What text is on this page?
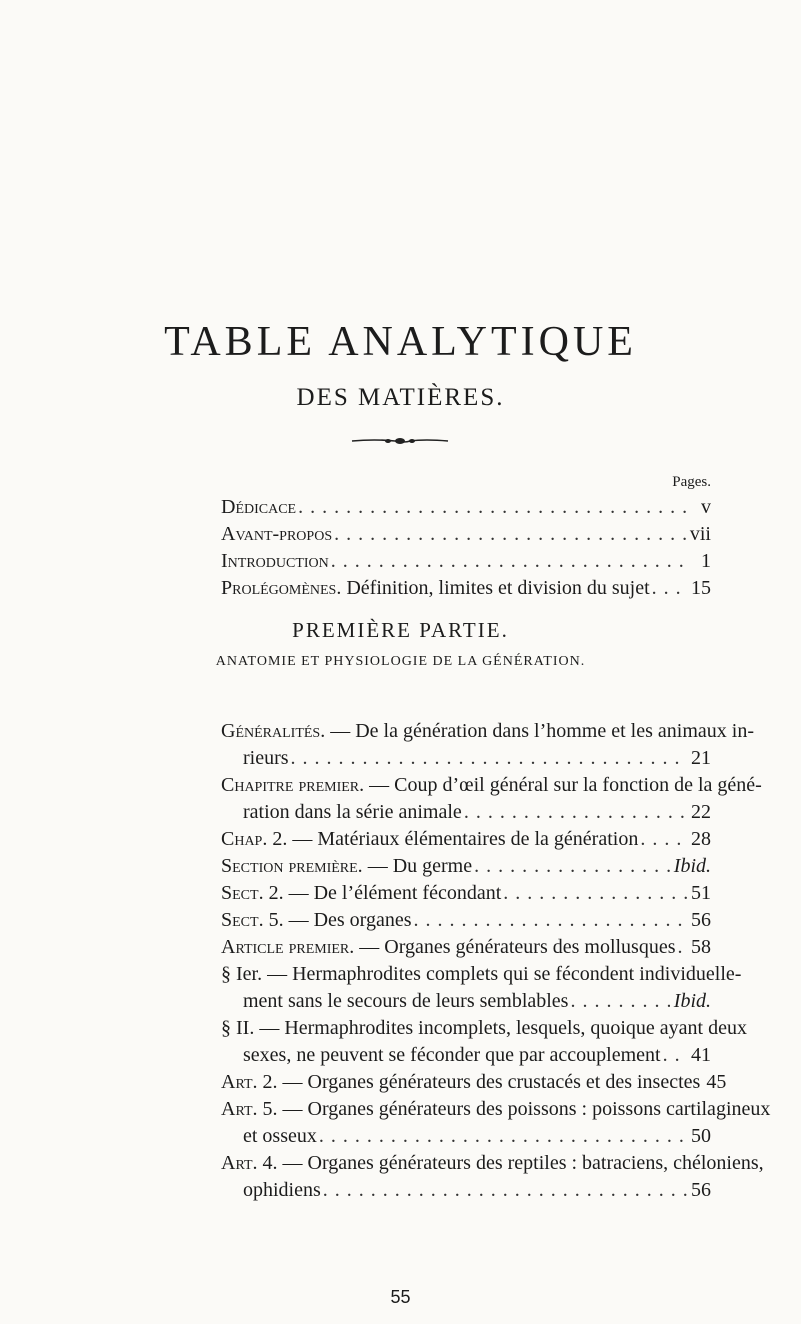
TABLE ANALYTIQUE
DES MATIÈRES.
Pages.
Dédicace . . .	v
Avant-propos . . .	vii
Introduction . . .	1
Prolégomènes. Définition, limites et division du sujet . . . 15
PREMIÈRE PARTIE.
ANATOMIE ET PHYSIOLOGIE DE LA GÉNÉRATION.
Généralités. — De la génération dans l’homme et les animaux in-
rieurs . . .	21
Chapitre premier. — Coup d’œil général sur la fonction de la géné-
ration dans la série animale . . .	22
Chap. 2. — Matériaux élémentaires de la génération . . .	28
Section première. — Du germe . . .	Ibid.
Sect. 2. — De l’élément fécondant . . .	51
Sect. 5. — Des organes . . .	56
Article premier. — Organes générateurs des mollusques . . . 58
§ Ier. — Hermaphrodites complets qui se fécondent individuelle-
ment sans le secours de leurs semblables . . .	Ibid.
§ II. — Hermaphrodites incomplets, lesquels, quoique ayant deux
sexes, ne peuvent se féconder que par accouplement . . . 41
Art. 2. — Organes générateurs des crustacés et des insectes 45
Art. 5. — Organes générateurs des poissons : poissons cartilagineux
et osseux . . .	50
Art. 4. — Organes générateurs des reptiles : batraciens, chéloniens,
ophidiens . . .	56
55
